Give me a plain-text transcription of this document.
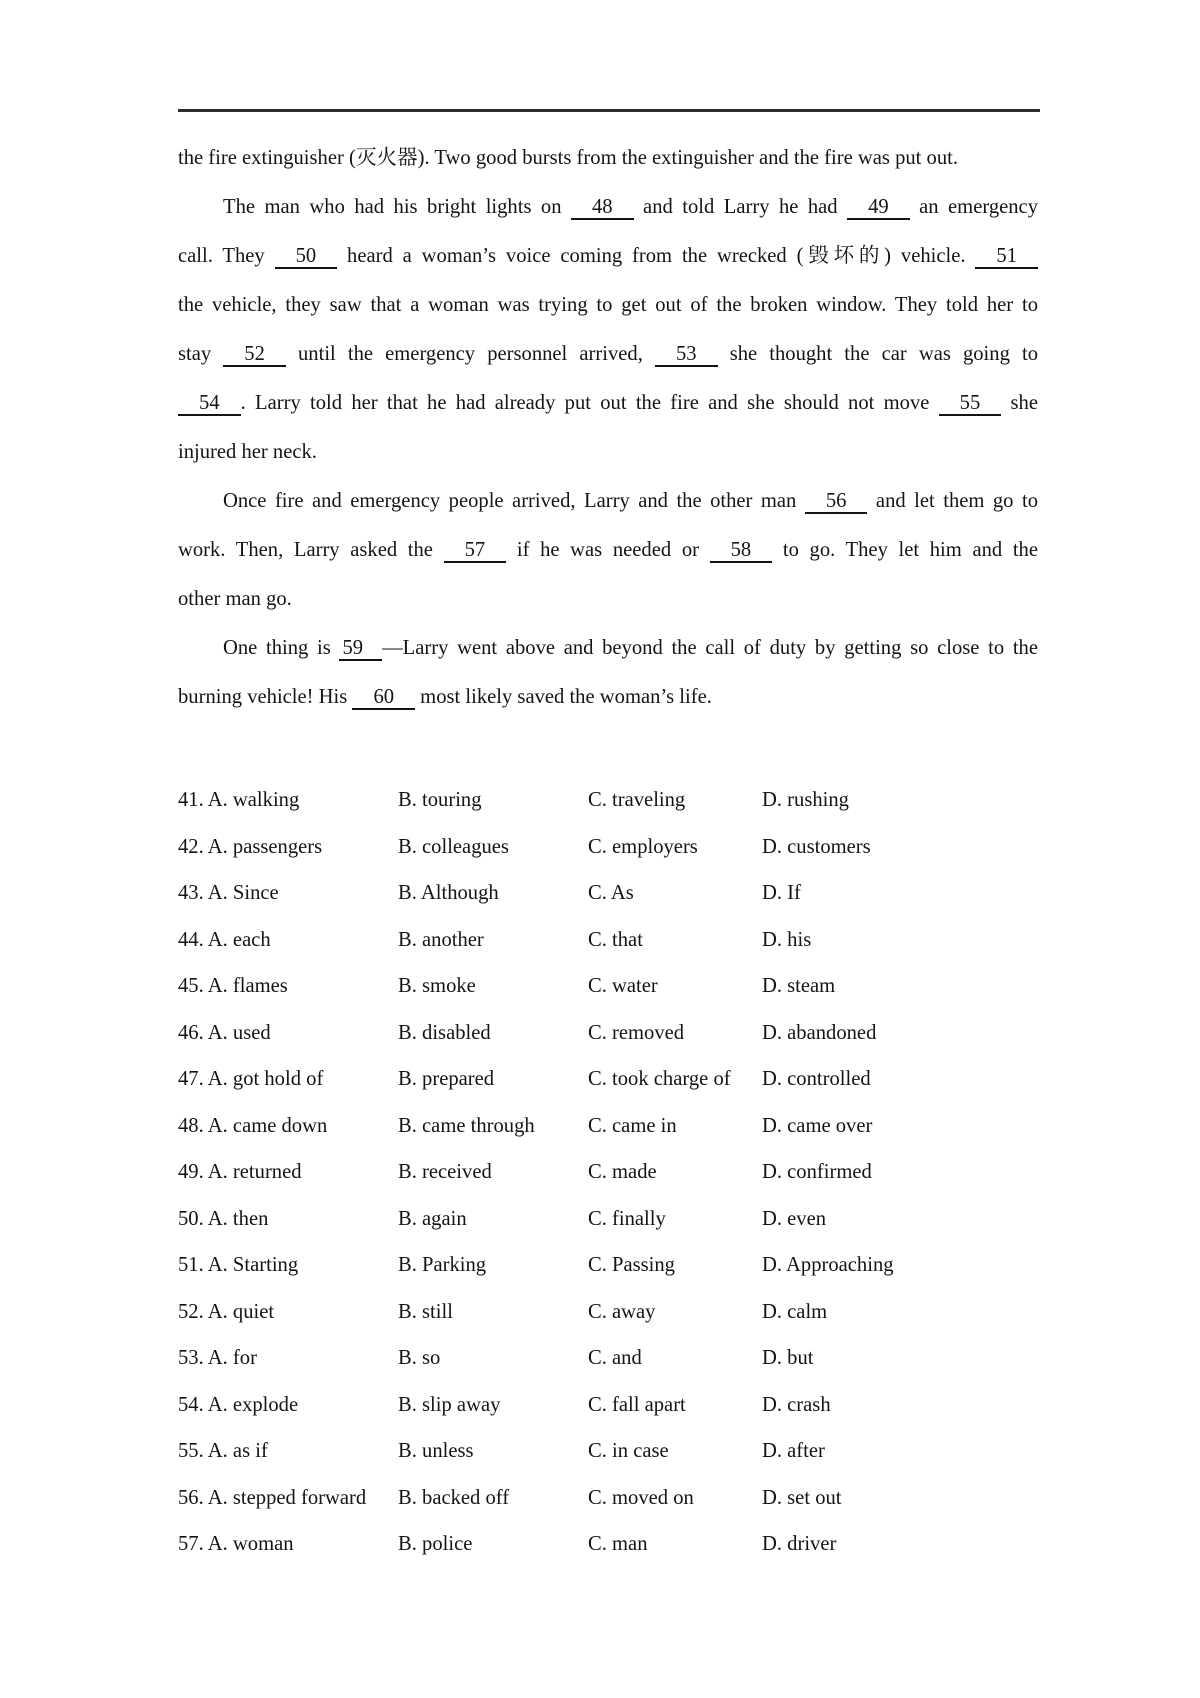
the fire extinguisher (灭火器). Two good bursts from the extinguisher and the fire was put out.
The man who had his bright lights on 48 and told Larry he had 49 an emergency
call. They 50 heard a woman’s voice coming from the wrecked (毁坏的) vehicle. 51
the vehicle, they saw that a woman was trying to get out of the broken window. They told her to
stay 52 until the emergency personnel arrived, 53 she thought the car was going to
54 . Larry told her that he had already put out the fire and she should not move 55 she
injured her neck.
Once fire and emergency people arrived, Larry and the other man 56 and let them go to
work. Then, Larry asked the 57 if he was needed or 58 to go. They let him and the
other man go.
One thing is 59 —Larry went above and beyond the call of duty by getting so close to the
burning vehicle! His 60 most likely saved the woman’s life.
41. A. walking	B. touring	C. traveling	D. rushing
42. A. passengers	B. colleagues	C. employers	D. customers
43. A. Since	B. Although	C. As	D. If
44. A. each	B. another	C. that	D. his
45. A. flames	B. smoke	C. water	D. steam
46. A. used	B. disabled	C. removed	D. abandoned
47. A. got hold of	B. prepared	C. took charge of	D. controlled
48. A. came down	B. came through	C. came in	D. came over
49. A. returned	B. received	C. made	D. confirmed
50. A. then	B. again	C. finally	D. even
51. A. Starting	B. Parking	C. Passing	D. Approaching
52. A. quiet	B. still	C. away	D. calm
53. A. for	B. so	C. and	D. but
54. A. explode	B. slip away	C. fall apart	D. crash
55. A. as if	B. unless	C. in case	D. after
56. A. stepped forward	B. backed off	C. moved on	D. set out
57. A. woman	B. police	C. man	D. driver
